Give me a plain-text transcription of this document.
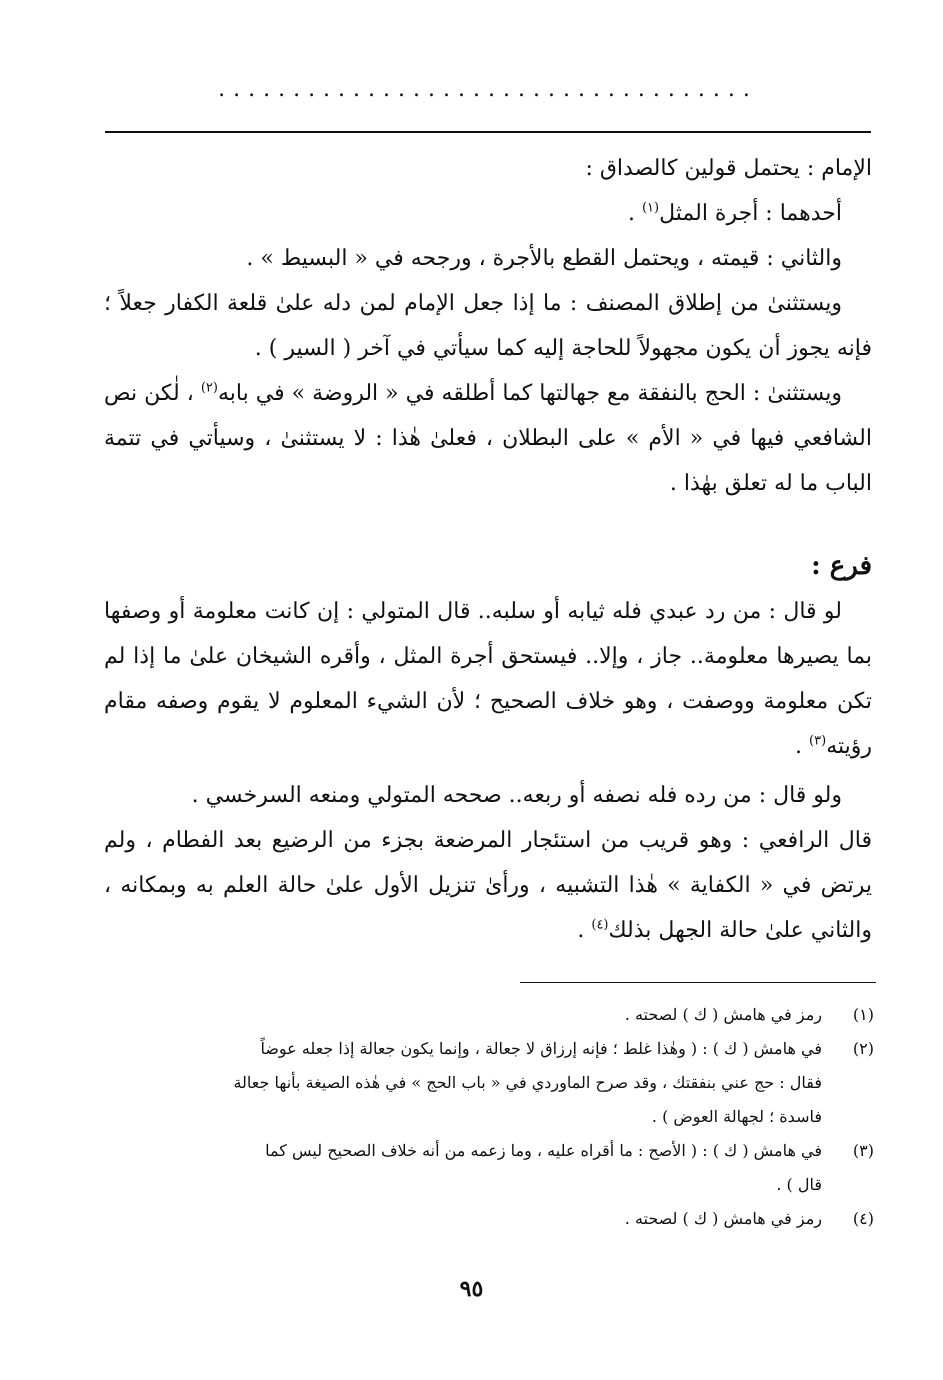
....................................

الإمام : يحتمل قولين كالصداق :

أحدهما : أجرة المثل$^{(١)}$ .

والثاني : قيمته ، ويحتمل القطع بالأجرة ، ورجحه في « البسيط » .

ويستثنىٰ من إطلاق المصنف : ما إذا جعل الإمام لمن دله علىٰ قلعة الكفار جعلاً ؛ فإنه يجوز أن يكون مجهولاً للحاجة إليه كما سيأتي في آخر ( السير ) .

ويستثنىٰ : الحج بالنفقة مع جهالتها كما أطلقه في « الروضة » في بابه$^{(٢)}$ ، لٰكن نص الشافعي فيها في « الأم » على البطلان ، فعلىٰ هٰذا : لا يستثنىٰ ، وسيأتي في تتمة الباب ما له تعلق بهٰذا .

فرع :

لو قال : من رد عبدي فله ثيابه أو سلبه.. قال المتولي : إن كانت معلومة أو وصفها بما يصيرها معلومة.. جاز ، وإلا.. فيستحق أجرة المثل ، وأقره الشيخان علىٰ ما إذا لم تكن معلومة ووصفت ، وهو خلاف الصحيح ؛ لأن الشيء المعلوم لا يقوم وصفه مقام رؤيته$^{(٣)}$ .

ولو قال : من رده فله نصفه أو ربعه.. صححه المتولي ومنعه السرخسي .

قال الرافعي : وهو قريب من استئجار المرضعة بجزء من الرضيع بعد الفطام ، ولم يرتض في « الكفاية » هٰذا التشبيه ، ورأىٰ تنزيل الأول علىٰ حالة العلم به وبمكانه ، والثاني علىٰ حالة الجهل بذلك$^{(٤)}$ .

(١)
رمز في هامش ( ك ) لصحته .
(٢)
في هامش ( ك ) : ( وهٰذا غلط ؛ فإنه إرزاق لا جعالة ، وإنما يكون جعالة إذا جعله عوضاً
فقال : حج عني بنفقتك ، وقد صرح الماوردي في « باب الحج » في هٰذه الصيغة بأنها جعالة
فاسدة ؛ لجهالة العوض ) .
(٣)
في هامش ( ك ) : ( الأصح : ما أقراه عليه ، وما زعمه من أنه خلاف الصحيح ليس كما
قال ) .
(٤)
رمز في هامش ( ك ) لصحته .
٩٥
